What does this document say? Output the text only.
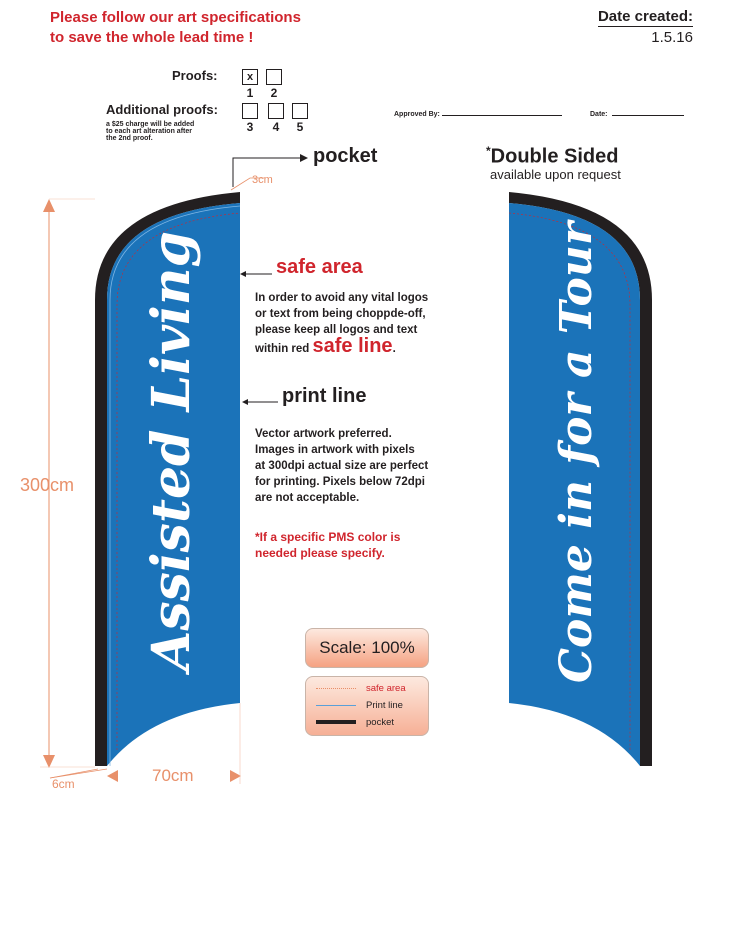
Please follow our art specifications
to save the whole lead time !
Date created:
1.5.16
Proofs:	x
1	2
Additional proofs:
a $25 charge will be added
to each art alteration after
the 2nd proof.
3	4	5
Approved By:	Date:
pocket	*Double Sided
available upon request
safe area
In order to avoid any vital logos
or text from being choppde-off,
please keep all logos and text
within red safe line.
print line
Vector artwork preferred.
Images in artwork with pixels
at 300dpi actual size are perfect
for printing. Pixels below 72dpi
are not acceptable.
*If a specific PMS color is
needed please specify.
Assisted Living	Come in for a Tour
3cm
300cm
70cm
6cm
Scale: 100%
safe area
Print line
pocket
